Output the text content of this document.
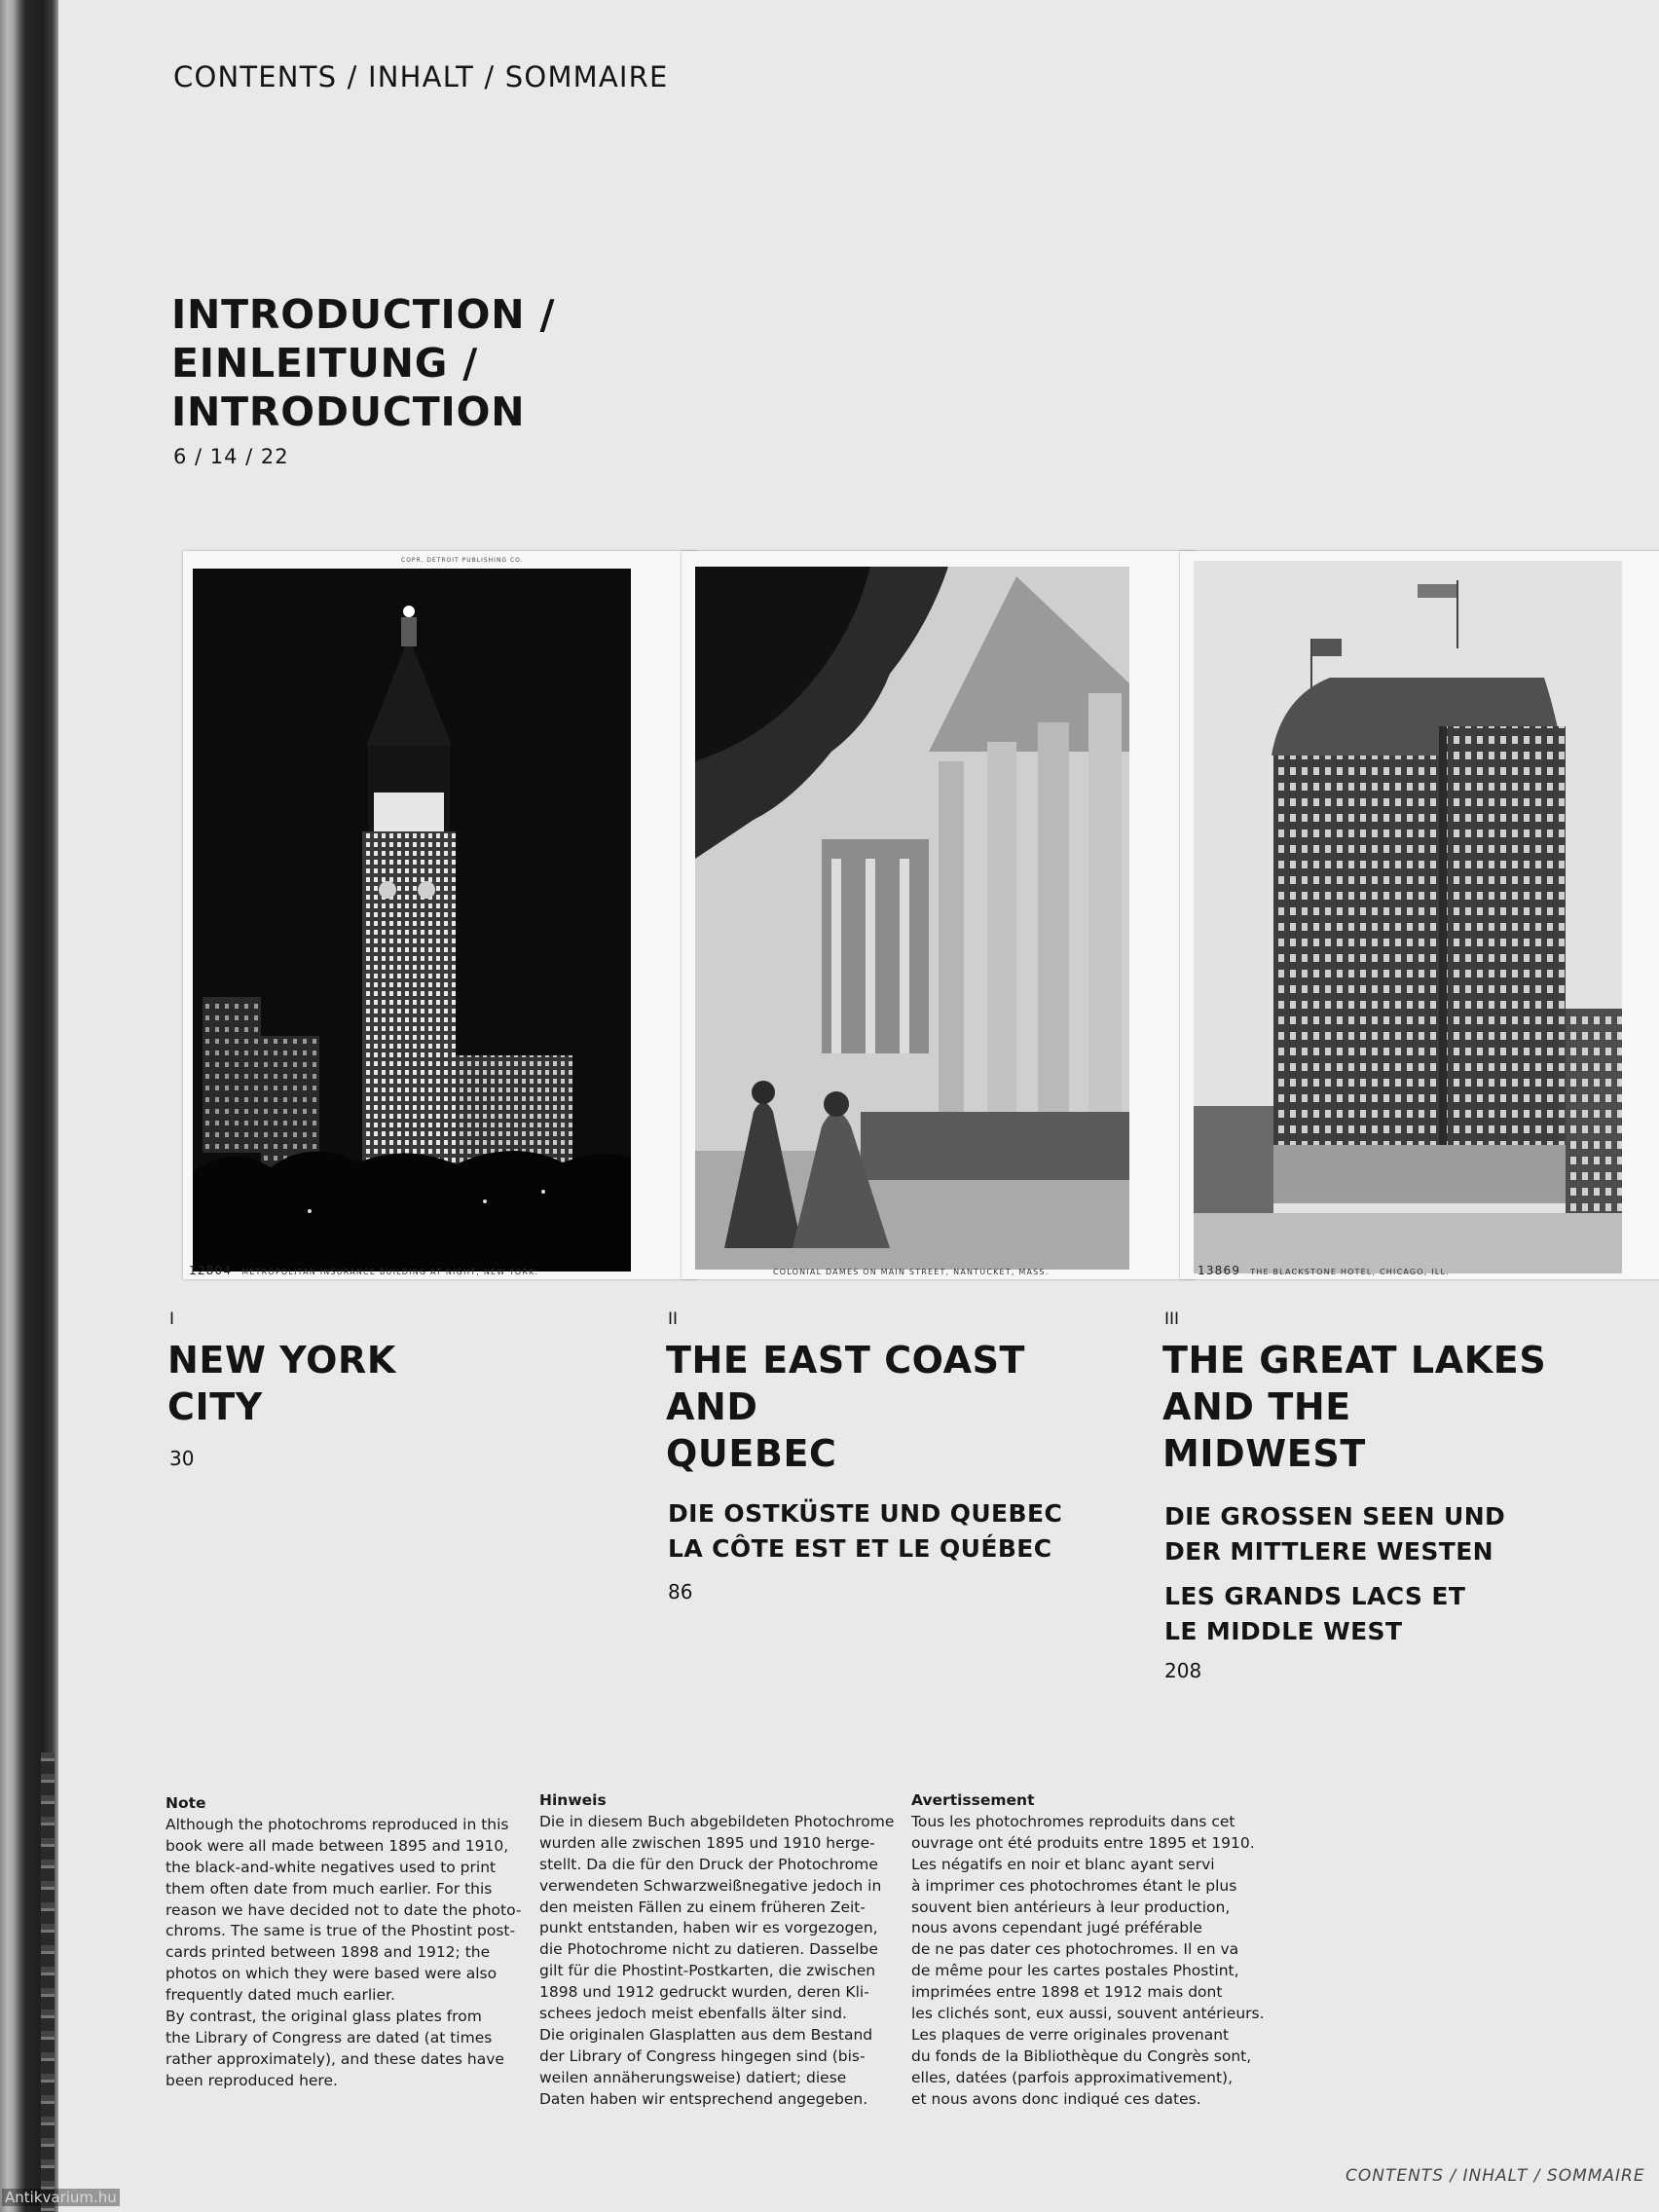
CONTENTS / INHALT / SOMMAIRE
INTRODUCTION /
EINLEITUNG /
INTRODUCTION
6 / 14 / 22
COPR. DETROIT PUBLISHING CO.
12804 METROPOLITAN INSURANCE BUILDING AT NIGHT, NEW YORK.	COLONIAL DAMES ON MAIN STREET, NANTUCKET, MASS.	13869 THE BLACKSTONE HOTEL, CHICAGO, ILL.
I
NEW YORK
CITY
30
II
THE EAST COAST
AND
QUEBEC
DIE OSTKÜSTE UND QUEBEC
LA CÔTE EST ET LE QUÉBEC
86
III
THE GREAT LAKES
AND THE
MIDWEST
DIE GROSSEN SEEN UND
DER MITTLERE WESTEN
LES GRANDS LACS ET
LE MIDDLE WEST
208
Note
Although the photochroms reproduced in this
book were all made between 1895 and 1910,
the black-and-white negatives used to print
them often date from much earlier. For this
reason we have decided not to date the photo-
chroms. The same is true of the Phostint post-
cards printed between 1898 and 1912; the
photos on which they were based were also
frequently dated much earlier.
By contrast, the original glass plates from
the Library of Congress are dated (at times
rather approximately), and these dates have
been reproduced here.
Hinweis
Die in diesem Buch abgebildeten Photochrome
wurden alle zwischen 1895 und 1910 herge-
stellt. Da die für den Druck der Photochrome
verwendeten Schwarzweißnegative jedoch in
den meisten Fällen zu einem früheren Zeit-
punkt entstanden, haben wir es vorgezogen,
die Photochrome nicht zu datieren. Dasselbe
gilt für die Phostint-Postkarten, die zwischen
1898 und 1912 gedruckt wurden, deren Kli-
schees jedoch meist ebenfalls älter sind.
Die originalen Glasplatten aus dem Bestand
der Library of Congress hingegen sind (bis-
weilen annäherungsweise) datiert; diese
Daten haben wir entsprechend angegeben.
Avertissement
Tous les photochromes reproduits dans cet
ouvrage ont été produits entre 1895 et 1910.
Les négatifs en noir et blanc ayant servi
à imprimer ces photochromes étant le plus
souvent bien antérieurs à leur production,
nous avons cependant jugé préférable
de ne pas dater ces photochromes. Il en va
de même pour les cartes postales Phostint,
imprimées entre 1898 et 1912 mais dont
les clichés sont, eux aussi, souvent antérieurs.
Les plaques de verre originales provenant
du fonds de la Bibliothèque du Congrès sont,
elles, datées (parfois approximativement),
et nous avons donc indiqué ces dates.
CONTENTS / INHALT / SOMMAIRE
Antikvarium.hu
